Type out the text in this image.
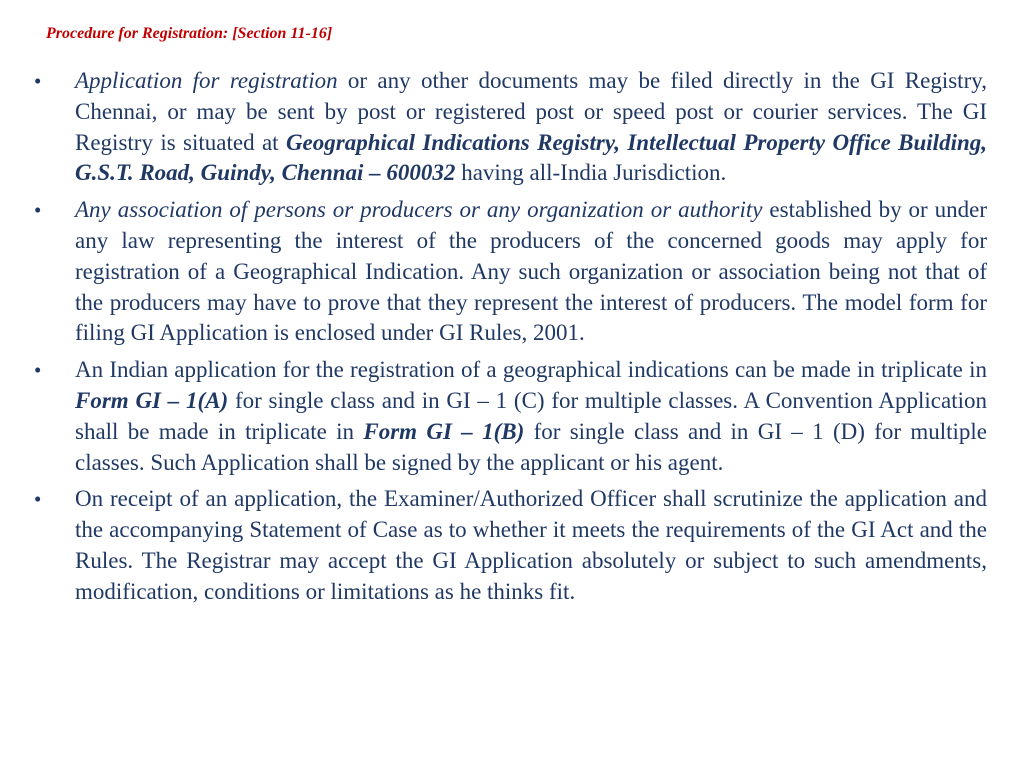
Procedure for Registration: [Section 11-16]
• Application for registration or any other documents may be filed directly in the GI Registry, Chennai, or may be sent by post or registered post or speed post or courier services. The GI Registry is situated at Geographical Indications Registry, Intellectual Property Office Building, G.S.T. Road, Guindy, Chennai – 600032 having all-India Jurisdiction.
• Any association of persons or producers or any organization or authority established by or under any law representing the interest of the producers of the concerned goods may apply for registration of a Geographical Indication. Any such organization or association being not that of the producers may have to prove that they represent the interest of producers. The model form for filing GI Application is enclosed under GI Rules, 2001.
• An Indian application for the registration of a geographical indications can be made in triplicate in Form GI – 1(A) for single class and in GI – 1 (C) for multiple classes. A Convention Application shall be made in triplicate in Form GI – 1(B) for single class and in GI – 1 (D) for multiple classes. Such Application shall be signed by the applicant or his agent.
• On receipt of an application, the Examiner/Authorized Officer shall scrutinize the application and the accompanying Statement of Case as to whether it meets the requirements of the GI Act and the Rules. The Registrar may accept the GI Application absolutely or subject to such amendments, modification, conditions or limitations as he thinks fit.
